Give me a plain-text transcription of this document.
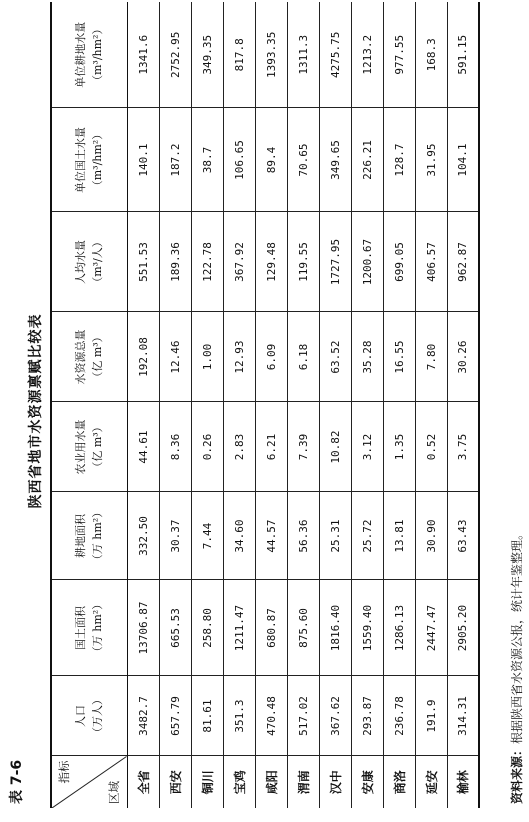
表 7-6
陕西省地市水资源禀赋比较表
指标
区域	人口 （万人）	国土面积 （万 hm²）	耕地面积 （万 hm²）	农业用水量 （亿 m³）	水资源总量 （亿 m³）	人均水量 （m³/人）	单位国土水量 （m³/hm²）	单位耕地水量 （m³/hm²）

全省	3482.7	13706.87	332.50	44.61	192.08	551.53	140.1	1341.6
西安	657.79	665.53	30.37	8.36	12.46	189.36	187.2	2752.95
铜川	81.61	258.80	7.44	0.26	1.00	122.78	38.7	349.35
宝鸡	351.3	1211.47	34.60	2.83	12.93	367.92	106.65	817.8
咸阳	470.48	680.87	44.57	6.21	6.09	129.48	89.4	1393.35
渭南	517.02	875.60	56.36	7.39	6.18	119.55	70.65	1311.3
汉中	367.62	1816.40	25.31	10.82	63.52	1727.95	349.65	4275.75
安康	293.87	1559.40	25.72	3.12	35.28	1200.67	226.21	1213.2
商洛	236.78	1286.13	13.81	1.35	16.55	699.05	128.7	977.55
延安	191.9	2447.47	30.90	0.52	7.80	406.57	31.95	168.3
榆林	314.31	2905.20	63.43	3.75	30.26	962.87	104.1	591.15
资料来源：根据陕西省水资源公报，统计年鉴整理。
